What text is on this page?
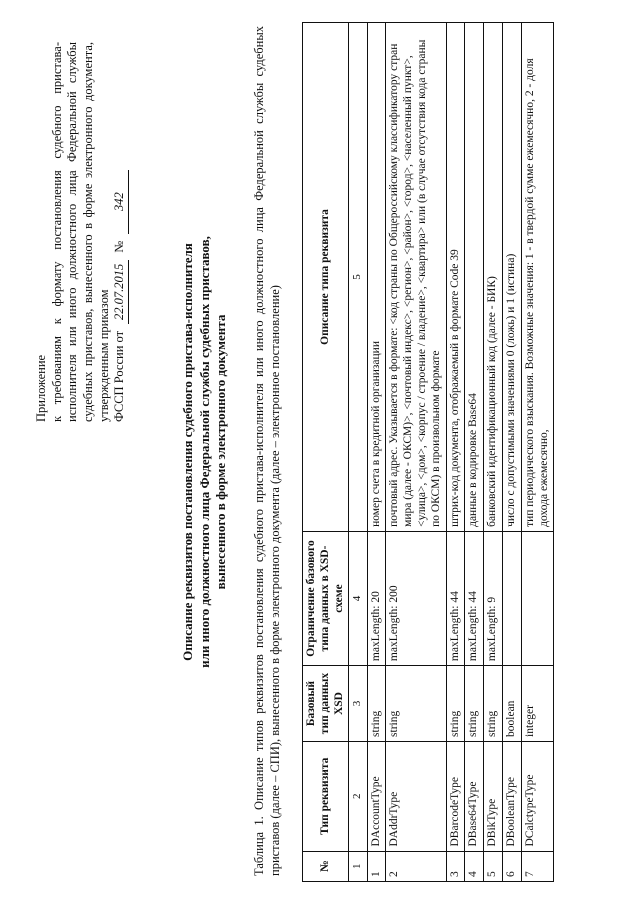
Приложение к требованиям к формату постановления судебного пристава-исполнителя или иного должностного лица Федеральной службы судебных приставов, вынесенного в форме электронного документа, утвержденным приказом ФССП России от 22.07.2015 № 342
Описание реквизитов постановления судебного пристава-исполнителя или иного должностного лица Федеральной службы судебных приставов, вынесенного в форме электронного документа Таблица 1. Описание типов реквизитов постановления судебного пристава-исполнителя или иного должностного лица Федеральной службы судебных приставов (далее – СПИ), вынесенного в форме электронного документа (далее – электронное постановление)	№	Тип реквизита	Базовый тип данных XSD	Ограничение базового типа данных в XSD-схеме	Описание типа реквизита
1	2	3	4	5
1	DAccountType	string	maxLength: 20	номер счета в кредитной организации
2	DAddrType	string	maxLength: 200	почтовый адрес. Указывается в формате: <код страны по Общероссийскому классификатору стран мира (далее - ОКСМ)>, <почтовый индекс>, <регион>, <район>, <город>, <населенный пункт>, <улица>, <дом>, <корпус / строение / владение>, <квартира> или (в случае отсутствия кода страны по ОКСМ) в произвольном формате
3	DBarcodeType	string	maxLength: 44	штрих-код документа, отображаемый в формате Code 39
4	DBase64Type	string	maxLength: 44	данные в кодировке Base64
5	DBikType	string	maxLength: 9	банковский идентификационный код (далее - БИК)
6	DBooleanType	boolean		число с допустимыми значениями 0 (ложь) и 1 (истина)
7	DCalctypeType	integer		тип периодического взыскания. Возможные значения: 1 - в твердой сумме ежемесячно, 2 - доля дохода ежемесячно,
